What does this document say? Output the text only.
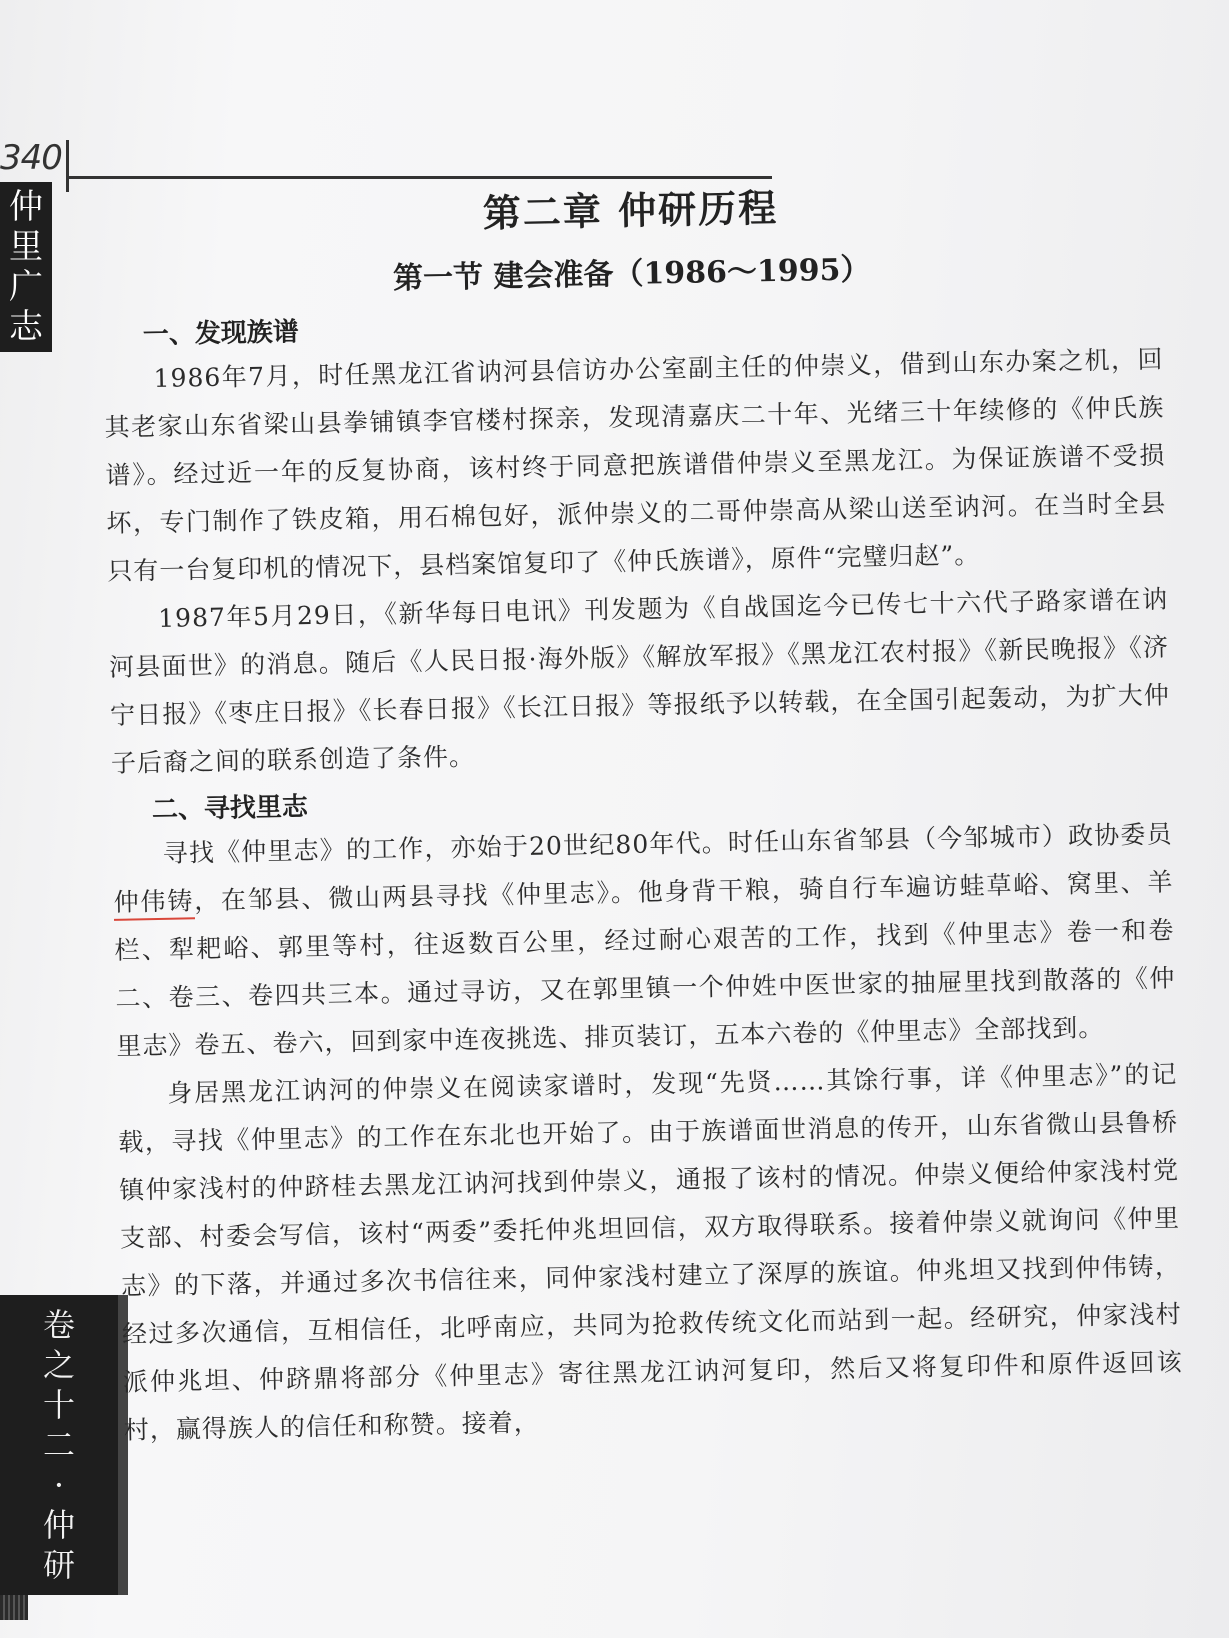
340
仲
里
广
志
卷
之
十
二
·
仲
研
第二章 仲研历程
第一节 建会准备（1986～1995）
一、发现族谱

1986年7月，时任黑龙江省讷河县信访办公室副主任的仲崇义，借到山东办案之机，回其老家山东省梁山县拳铺镇李官楼村探亲，发现清嘉庆二十年、光绪三十年续修的《仲氏族谱》。经过近一年的反复协商，该村终于同意把族谱借仲崇义至黑龙江。为保证族谱不受损坏，专门制作了铁皮箱，用石棉包好，派仲崇义的二哥仲崇高从梁山送至讷河。在当时全县只有一台复印机的情况下，县档案馆复印了《仲氏族谱》，原件“完璧归赵”。

1987年5月29日，《新华每日电讯》刊发题为《自战国迄今已传七十六代子路家谱在讷河县面世》的消息。随后《人民日报·海外版》《解放军报》《黑龙江农村报》《新民晚报》《济宁日报》《枣庄日报》《长春日报》《长江日报》等报纸予以转载，在全国引起轰动，为扩大仲子后裔之间的联系创造了条件。

二、寻找里志

寻找《仲里志》的工作，亦始于20世纪80年代。时任山东省邹县（今邹城市）政协委员仲伟铸，在邹县、微山两县寻找《仲里志》。他身背干粮，骑自行车遍访蛙草峪、窝里、羊栏、犁耙峪、郭里等村，往返数百公里，经过耐心艰苦的工作，找到《仲里志》卷一和卷二、卷三、卷四共三本。通过寻访，又在郭里镇一个仲姓中医世家的抽屉里找到散落的《仲里志》卷五、卷六，回到家中连夜挑选、排页装订，五本六卷的《仲里志》全部找到。

身居黑龙江讷河的仲崇义在阅读家谱时，发现“先贤……其馀行事，详《仲里志》”的记载，寻找《仲里志》的工作在东北也开始了。由于族谱面世消息的传开，山东省微山县鲁桥镇仲家浅村的仲跻桂去黑龙江讷河找到仲崇义，通报了该村的情况。仲崇义便给仲家浅村党支部、村委会写信，该村“两委”委托仲兆坦回信，双方取得联系。接着仲崇义就询问《仲里志》的下落，并通过多次书信往来，同仲家浅村建立了深厚的族谊。仲兆坦又找到仲伟铸，经过多次通信，互相信任，北呼南应，共同为抢救传统文化而站到一起。经研究，仲家浅村派仲兆坦、仲跻鼎将部分《仲里志》寄往黑龙江讷河复印，然后又将复印件和原件返回该村，赢得族人的信任和称赞。接着，
